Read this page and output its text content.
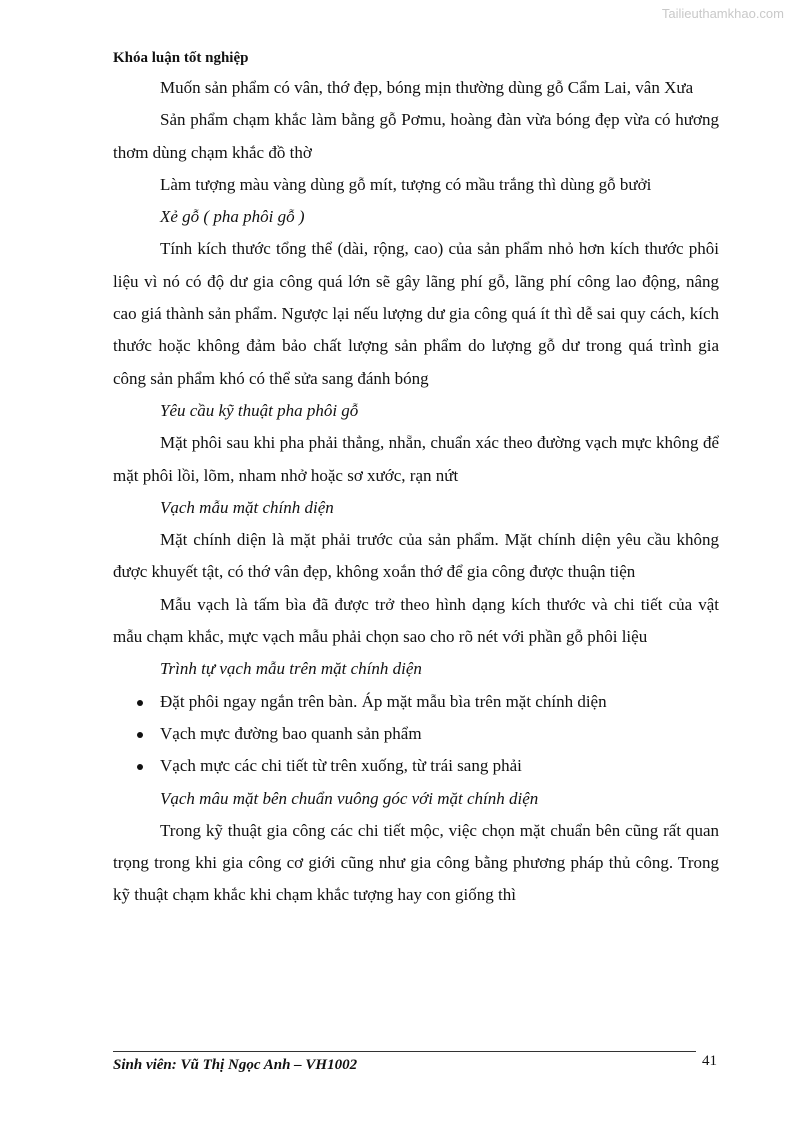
Tailieuthamkhao.com
Khóa luận tốt nghiệp

Muốn sản phẩm có vân, thớ đẹp, bóng mịn thường dùng gỗ Cẩm Lai, vân Xưa

Sản phẩm chạm khắc làm bằng gỗ Pơmu, hoàng đàn vừa bóng đẹp vừa có hương thơm dùng chạm khắc đồ thờ

Làm tượng màu vàng dùng gỗ mít, tượng có mầu trắng thì dùng gỗ bưởi

Xẻ gỗ ( pha phôi gỗ )

Tính kích thước tổng thể (dài, rộng, cao) của sản phẩm nhỏ hơn kích thước phôi liệu vì nó có độ dư gia công quá lớn sẽ gây lãng phí gỗ, lãng phí công lao động, nâng cao giá thành sản phẩm. Ngược lại nếu lượng dư gia công quá ít thì dễ sai quy cách, kích thước hoặc không đảm bảo chất lượng sản phẩm do lượng gỗ dư trong quá trình gia công sản phẩm khó có thể sửa sang đánh bóng

Yêu cầu kỹ thuật pha phôi gỗ

Mặt phôi sau khi pha phải thẳng, nhẵn, chuẩn xác theo đường vạch mực không để mặt phôi lồi, lõm, nham nhở hoặc sơ xước, rạn nứt

Vạch mẫu mặt chính diện

Mặt chính diện là mặt phải trước của sản phẩm. Mặt chính diện yêu cầu không được khuyết tật, có thớ vân đẹp, không xoắn thớ để gia công được thuận tiện

Mẫu vạch là tấm bìa đã được trở theo hình dạng kích thước và chi tiết của vật mẫu chạm khắc, mực vạch mẫu phải chọn sao cho rõ nét với phần gỗ phôi liệu

Trình tự vạch mẫu trên mặt chính diện

Đặt phôi ngay ngắn trên bàn. Áp mặt mẫu bìa trên mặt chính diện
Vạch mực đường bao quanh sản phẩm
Vạch mực các chi tiết từ trên xuống, từ trái sang phải

Vạch mâu mặt bên chuẩn vuông góc với mặt chính diện

Trong kỹ thuật gia công các chi tiết mộc, việc chọn mặt chuẩn bên cũng rất quan trọng trong khi gia công cơ giới cũng như gia công bằng phương pháp thủ công. Trong kỹ thuật chạm khắc khi chạm khắc tượng hay con giống thì

Sinh viên: Vũ Thị Ngọc Anh – VH1002	41
